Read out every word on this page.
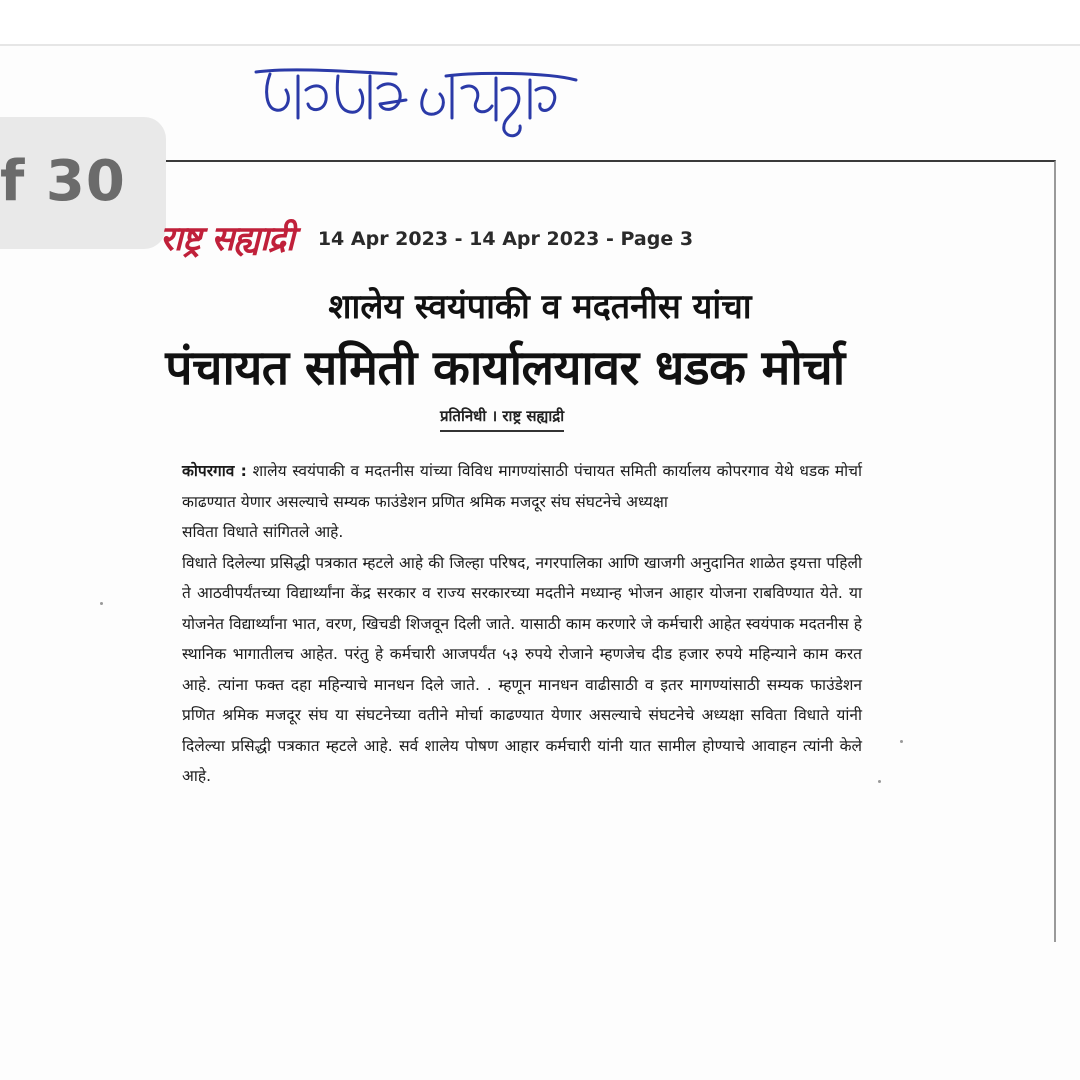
f 30
राष्ट्र सह्याद्री 14 Apr 2023 - 14 Apr 2023 - Page 3
शालेय स्वयंपाकी व मदतनीस यांचा
पंचायत समिती कार्यालयावर धडक मोर्चा
प्रतिनिधी । राष्ट्र सह्याद्री

कोपरगाव : शालेय स्वयंपाकी व मदतनीस यांच्या विविध मागण्यांसाठी पंचायत समिती कार्यालय कोपरगाव येथे धडक मोर्चा काढण्यात येणार असल्याचे सम्यक फाउंडेशन प्रणित श्रमिक मजदूर संघ संघटनेचे अध्यक्षा

सविता विधाते सांगितले आहे.

विधाते दिलेल्या प्रसिद्धी पत्रकात म्हटले आहे की जिल्हा परिषद, नगरपालिका आणि खाजगी अनुदानित शाळेत इयत्ता पहिली ते आठवीपर्यंतच्या विद्यार्थ्यांना केंद्र सरकार व राज्य सरकारच्या मदतीने मध्यान्ह भोजन आहार योजना राबविण्यात येते. या योजनेत विद्यार्थ्यांना भात, वरण, खिचडी शिजवून दिली जाते. यासाठी काम करणारे जे कर्मचारी आहेत स्वयंपाक मदतनीस हे स्थानिक भागातीलच आहेत. परंतु हे कर्मचारी आजपर्यंत ५३ रुपये रोजाने म्हणजेच दीड हजार रुपये महिन्याने काम करत आहे. त्यांना फक्त दहा महिन्याचे मानधन दिले जाते. . म्हणून मानधन वाढीसाठी व इतर मागण्यांसाठी सम्यक फाउंडेशन प्रणित श्रमिक मजदूर संघ या संघटनेच्या वतीने मोर्चा काढण्यात येणार असल्याचे संघटनेचे अध्यक्षा सविता विधाते यांनी दिलेल्या प्रसिद्धी पत्रकात म्हटले आहे. सर्व शालेय पोषण आहार कर्मचारी यांनी यात सामील होण्याचे आवाहन त्यांनी केले आहे.
